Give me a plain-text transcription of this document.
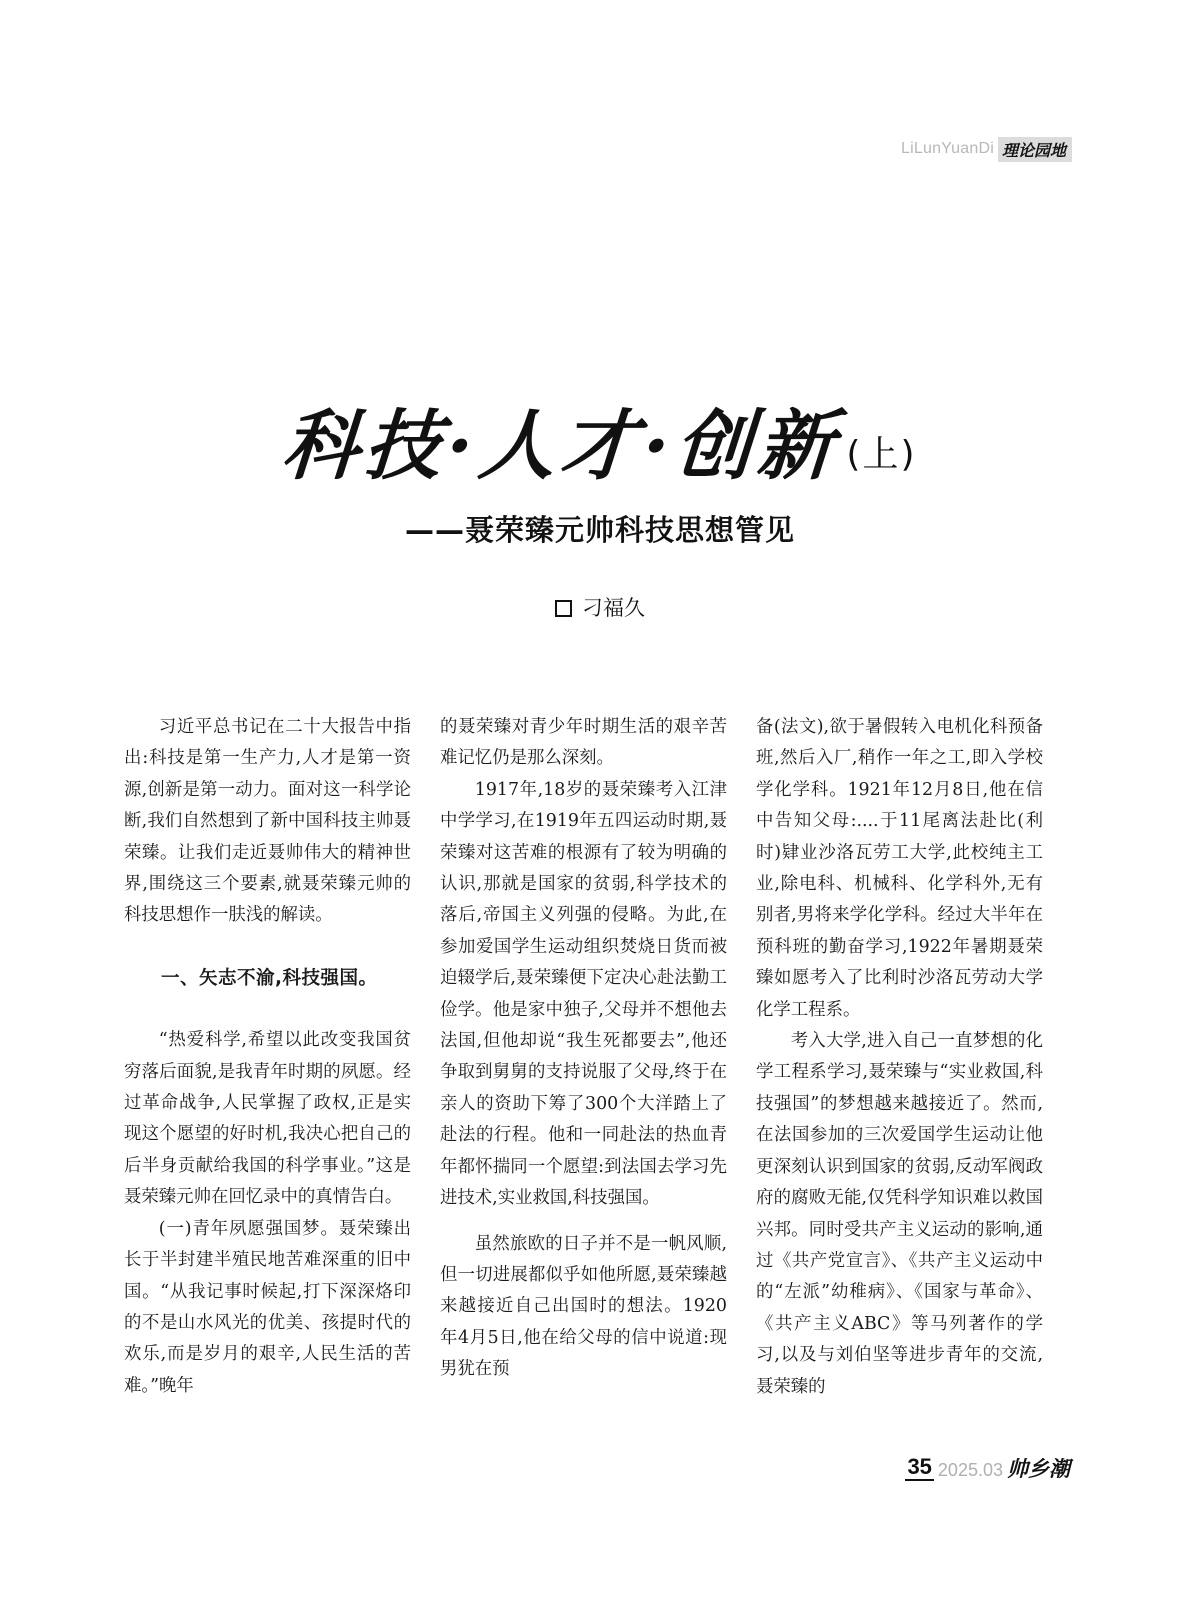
LiLunYuanDi 理论园地
科技·人才·创新(上)
——聂荣臻元帅科技思想管见
刁福久

习近平总书记在二十大报告中指出:科技是第一生产力,人才是第一资源,创新是第一动力。面对这一科学论断,我们自然想到了新中国科技主帅聂荣臻。让我们走近聂帅伟大的精神世界,围绕这三个要素,就聂荣臻元帅的科技思想作一肤浅的解读。

一、矢志不渝,科技强国。

“热爱科学,希望以此改变我国贫穷落后面貌,是我青年时期的夙愿。经过革命战争,人民掌握了政权,正是实现这个愿望的好时机,我决心把自己的后半身贡献给我国的科学事业。”这是聂荣臻元帅在回忆录中的真情告白。

(一)青年夙愿强国梦。聂荣臻出长于半封建半殖民地苦难深重的旧中国。“从我记事时候起,打下深深烙印的不是山水风光的优美、孩提时代的欢乐,而是岁月的艰辛,人民生活的苦难。”晚年

的聂荣臻对青少年时期生活的艰辛苦难记忆仍是那么深刻。

1917年,18岁的聂荣臻考入江津中学学习,在1919年五四运动时期,聂荣臻对这苦难的根源有了较为明确的认识,那就是国家的贫弱,科学技术的落后,帝国主义列强的侵略。为此,在参加爱国学生运动组织焚烧日货而被迫辍学后,聂荣臻便下定决心赴法勤工俭学。他是家中独子,父母并不想他去法国,但他却说“我生死都要去”,他还争取到舅舅的支持说服了父母,终于在亲人的资助下筹了300个大洋踏上了赴法的行程。他和一同赴法的热血青年都怀揣同一个愿望:到法国去学习先进技术,实业救国,科技强国。

虽然旅欧的日子并不是一帆风顺,但一切进展都似乎如他所愿,聂荣臻越来越接近自己出国时的想法。1920年4月5日,他在给父母的信中说道:现男犹在预

备(法文),欲于暑假转入电机化科预备班,然后入厂,稍作一年之工,即入学校学化学科。1921年12月8日,他在信中告知父母:....于11尾离法赴比(利时)肄业沙洛瓦劳工大学,此校纯主工业,除电科、机械科、化学科外,无有别者,男将来学化学科。经过大半年在预科班的勤奋学习,1922年暑期聂荣臻如愿考入了比利时沙洛瓦劳动大学化学工程系。

考入大学,进入自己一直梦想的化学工程系学习,聂荣臻与“实业救国,科技强国”的梦想越来越接近了。然而,在法国参加的三次爱国学生运动让他更深刻认识到国家的贫弱,反动军阀政府的腐败无能,仅凭科学知识难以救国兴邦。同时受共产主义运动的影响,通过《共产党宣言》、《共产主义运动中的“左派”幼稚病》、《国家与革命》、《共产主义ABC》等马列著作的学习,以及与刘伯坚等进步青年的交流,聂荣臻的

35 2025.03 帅乡潮
